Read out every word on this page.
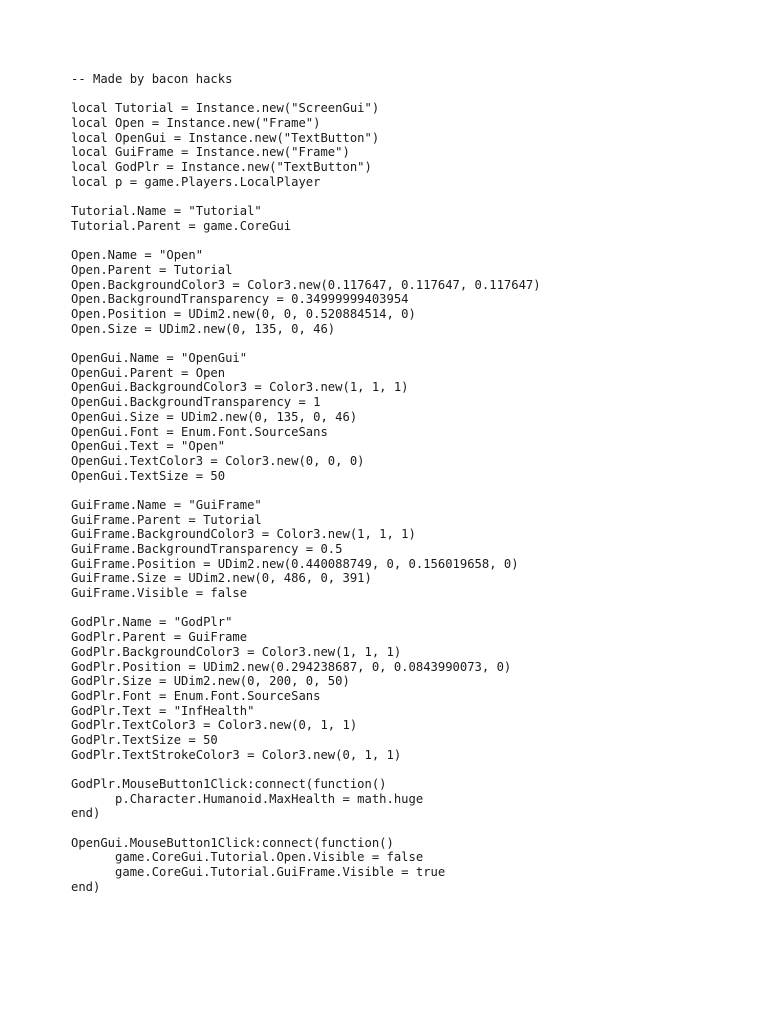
-- Made by bacon hacks
local Tutorial = Instance.new("ScreenGui")
local Open = Instance.new("Frame")
local OpenGui = Instance.new("TextButton")
local GuiFrame = Instance.new("Frame")
local GodPlr = Instance.new("TextButton")
local p = game.Players.LocalPlayer
Tutorial.Name = "Tutorial"
Tutorial.Parent = game.CoreGui
Open.Name = "Open"
Open.Parent = Tutorial
Open.BackgroundColor3 = Color3.new(0.117647, 0.117647, 0.117647)
Open.BackgroundTransparency = 0.34999999403954
Open.Position = UDim2.new(0, 0, 0.520884514, 0)
Open.Size = UDim2.new(0, 135, 0, 46)
OpenGui.Name = "OpenGui"
OpenGui.Parent = Open
OpenGui.BackgroundColor3 = Color3.new(1, 1, 1)
OpenGui.BackgroundTransparency = 1
OpenGui.Size = UDim2.new(0, 135, 0, 46)
OpenGui.Font = Enum.Font.SourceSans
OpenGui.Text = "Open"
OpenGui.TextColor3 = Color3.new(0, 0, 0)
OpenGui.TextSize = 50
GuiFrame.Name = "GuiFrame"
GuiFrame.Parent = Tutorial
GuiFrame.BackgroundColor3 = Color3.new(1, 1, 1)
GuiFrame.BackgroundTransparency = 0.5
GuiFrame.Position = UDim2.new(0.440088749, 0, 0.156019658, 0)
GuiFrame.Size = UDim2.new(0, 486, 0, 391)
GuiFrame.Visible = false
GodPlr.Name = "GodPlr"
GodPlr.Parent = GuiFrame
GodPlr.BackgroundColor3 = Color3.new(1, 1, 1)
GodPlr.Position = UDim2.new(0.294238687, 0, 0.0843990073, 0)
GodPlr.Size = UDim2.new(0, 200, 0, 50)
GodPlr.Font = Enum.Font.SourceSans
GodPlr.Text = "InfHealth"
GodPlr.TextColor3 = Color3.new(0, 1, 1)
GodPlr.TextSize = 50
GodPlr.TextStrokeColor3 = Color3.new(0, 1, 1)
GodPlr.MouseButton1Click:connect(function()
p.Character.Humanoid.MaxHealth = math.huge
end)
OpenGui.MouseButton1Click:connect(function()
game.CoreGui.Tutorial.Open.Visible = false
game.CoreGui.Tutorial.GuiFrame.Visible = true
end)
